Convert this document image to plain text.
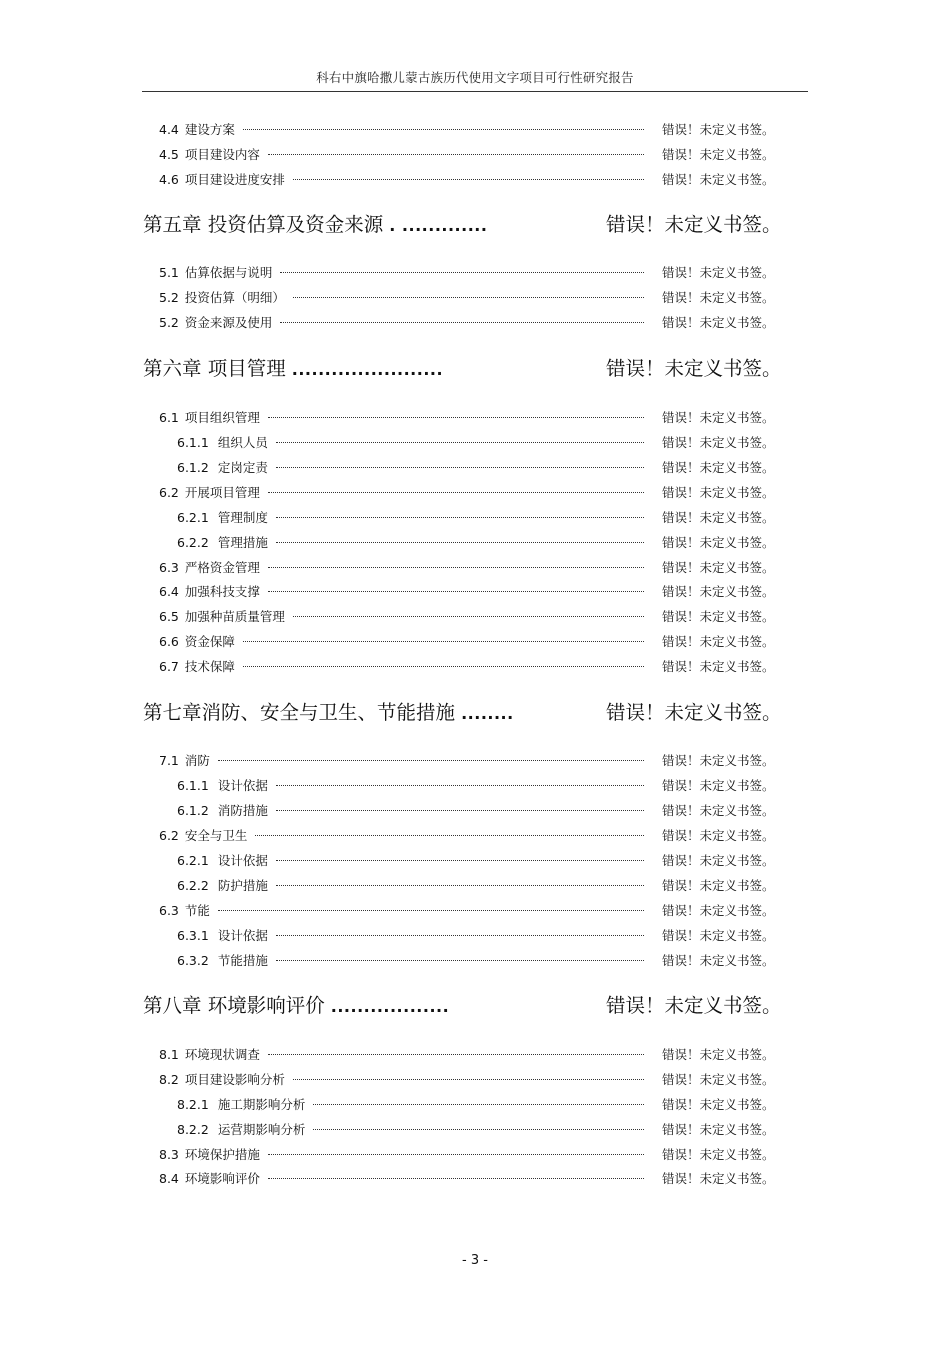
科右中旗哈撒儿蒙古族历代使用文字项目可行性研究报告
4.4 建设方案	错误！未定义书签。
4.5 项目建设内容	错误！未定义书签。
4.6 项目建设进度安排	错误！未定义书签。
第五章 投资估算及资金来源 . .............	错误！未定义书签。
5.1 估算依据与说明	错误！未定义书签。
5.2 投资估算（明细）	错误！未定义书签。
5.2 资金来源及使用	错误！未定义书签。
第六章 项目管理 .......................	错误！未定义书签。
6.1 项目组织管理	错误！未定义书签。
6.1.1 组织人员	错误！未定义书签。
6.1.2 定岗定责	错误！未定义书签。
6.2 开展项目管理	错误！未定义书签。
6.2.1 管理制度	错误！未定义书签。
6.2.2 管理措施	错误！未定义书签。
6.3 严格资金管理	错误！未定义书签。
6.4 加强科技支撑	错误！未定义书签。
6.5 加强种苗质量管理	错误！未定义书签。
6.6 资金保障	错误！未定义书签。
6.7 技术保障	错误！未定义书签。
第七章消防、安全与卫生、节能措施 ........	错误！未定义书签。
7.1 消防	错误！未定义书签。
6.1.1 设计依据	错误！未定义书签。
6.1.2 消防措施	错误！未定义书签。
6.2 安全与卫生	错误！未定义书签。
6.2.1 设计依据	错误！未定义书签。
6.2.2 防护措施	错误！未定义书签。
6.3 节能	错误！未定义书签。
6.3.1 设计依据	错误！未定义书签。
6.3.2 节能措施	错误！未定义书签。
第八章 环境影响评价 ..................	错误！未定义书签。
8.1 环境现状调查	错误！未定义书签。
8.2 项目建设影响分析	错误！未定义书签。
8.2.1 施工期影响分析	错误！未定义书签。
8.2.2 运营期影响分析	错误！未定义书签。
8.3 环境保护措施	错误！未定义书签。
8.4 环境影响评价	错误！未定义书签。
- 3 -
